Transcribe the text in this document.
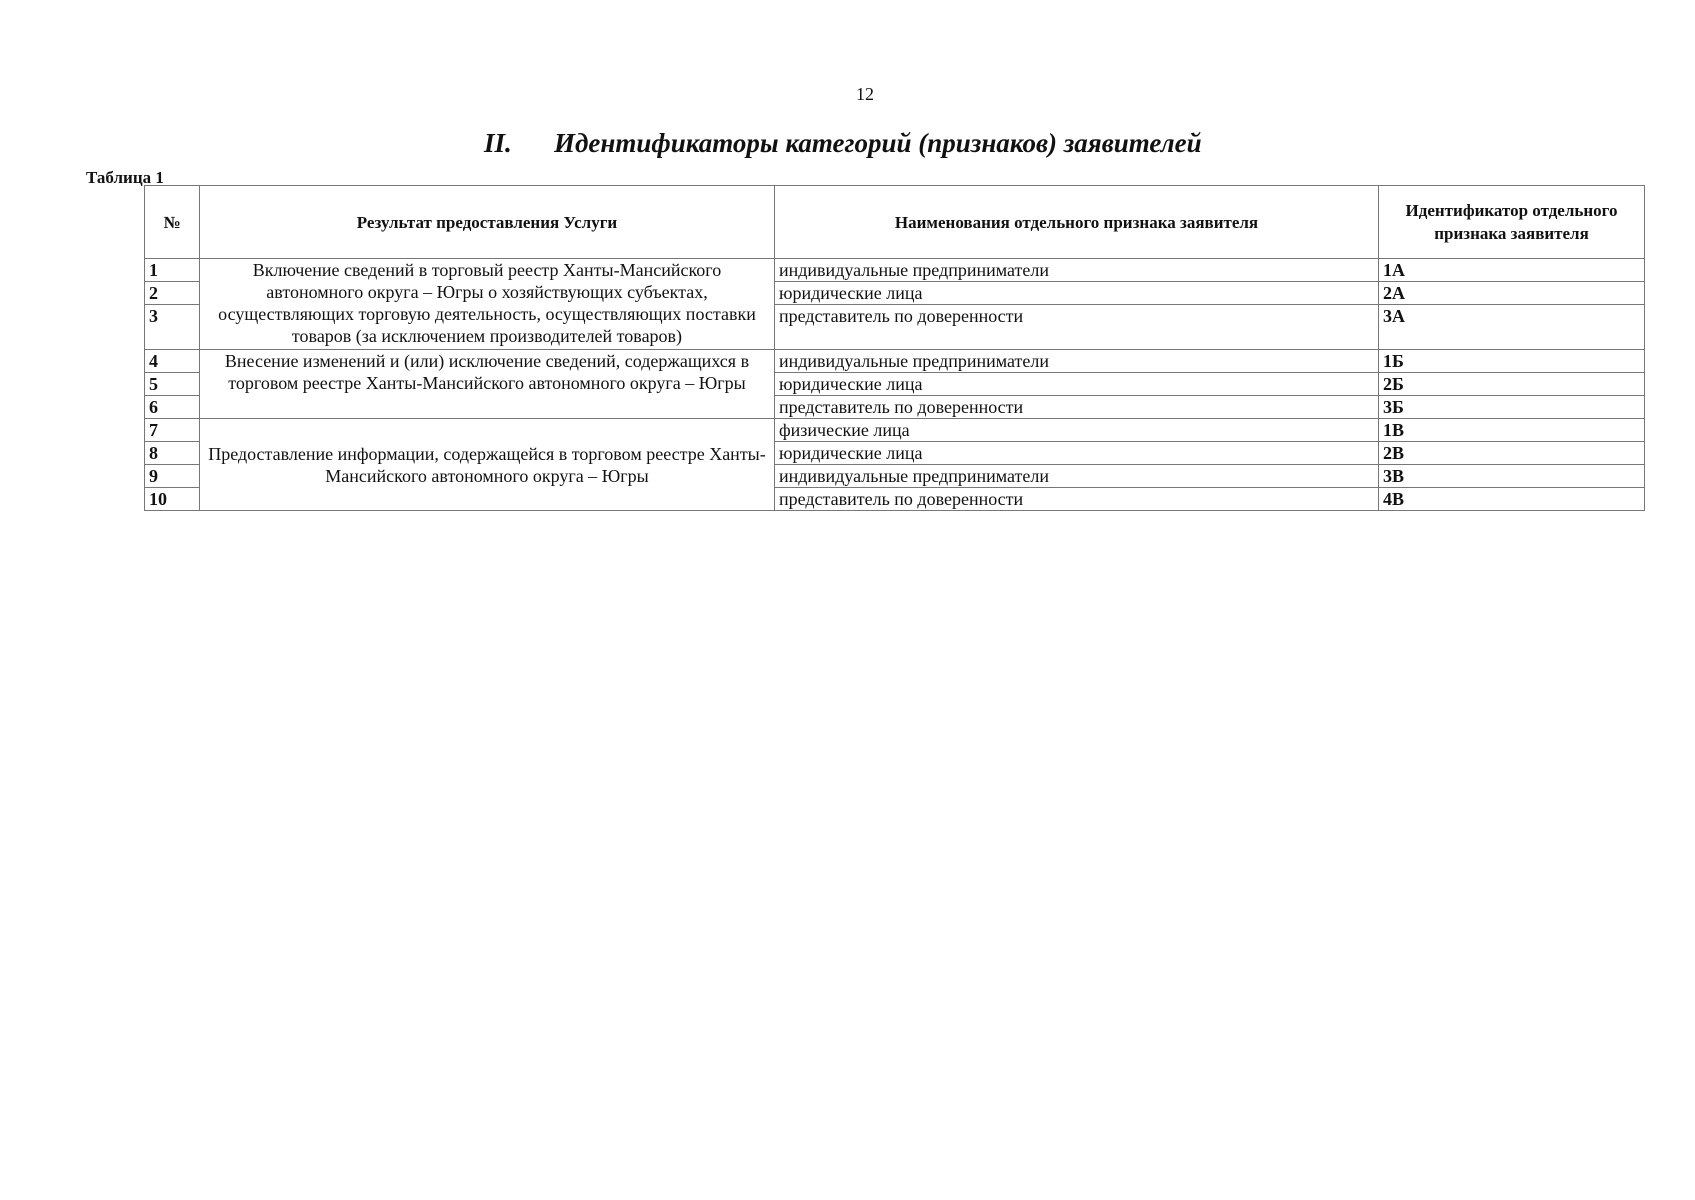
12
II. Идентификаторы категорий (признаков) заявителей
Таблица 1
№	Результат предоставления Услуги	Наименования отдельного признака заявителя	Идентификатор отдельного признака заявителя
1	Включение сведений в торговый реестр Ханты-Мансийского автономного округа – Югры о хозяйствующих субъектах, осуществляющих торговую деятельность, осуществляющих поставки товаров (за исключением производителей товаров)	индивидуальные предприниматели	1А
2		юридические лица	2А
3		представитель по доверенности	3А
4	Внесение изменений и (или) исключение сведений, содержащихся в торговом реестре Ханты-Мансийского автономного округа – Югры	индивидуальные предприниматели	1Б
5		юридические лица	2Б
6		представитель по доверенности	3Б
7	Предоставление информации, содержащейся в торговом реестре Ханты-Мансийского автономного округа – Югры	физические лица	1В
8		юридические лица	2В
9		индивидуальные предприниматели	3В
10		представитель по доверенности	4В
